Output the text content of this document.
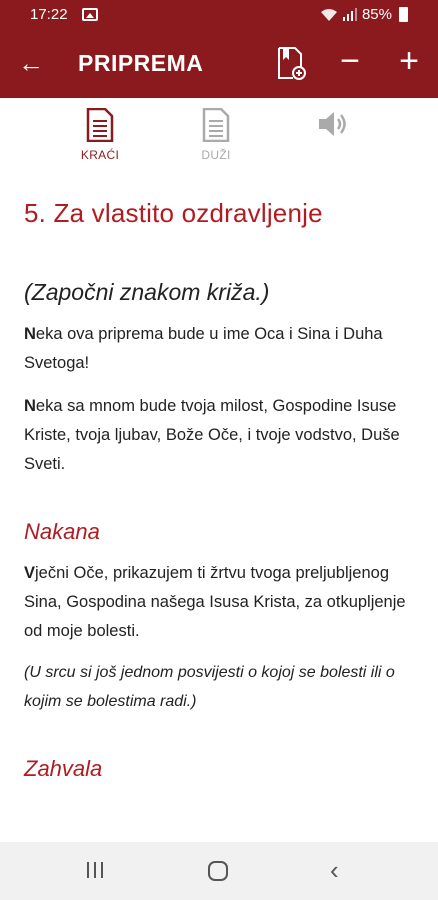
17:22	85%
← PRIPREMA	− +
KRAĆI	DUŽI
5. Za vlastito ozdravljenje

(Započni znakom križa.)

Neka ova priprema bude u ime Oca i Sina i Duha Svetoga!

Neka sa mnom bude tvoja milost, Gospodine Isuse Kriste, tvoja ljubav, Bože Oče, i tvoje vodstvo, Duše Sveti.

Nakana

Vječni Oče, prikazujem ti žrtvu tvoga preljubljenog Sina, Gospodina našega Isusa Krista, za otkupljenje od moje bolesti.

(U srcu si još jednom posvijesti o kojoj se bolesti ili o kojim se bolestima radi.)

Zahvala
‹
